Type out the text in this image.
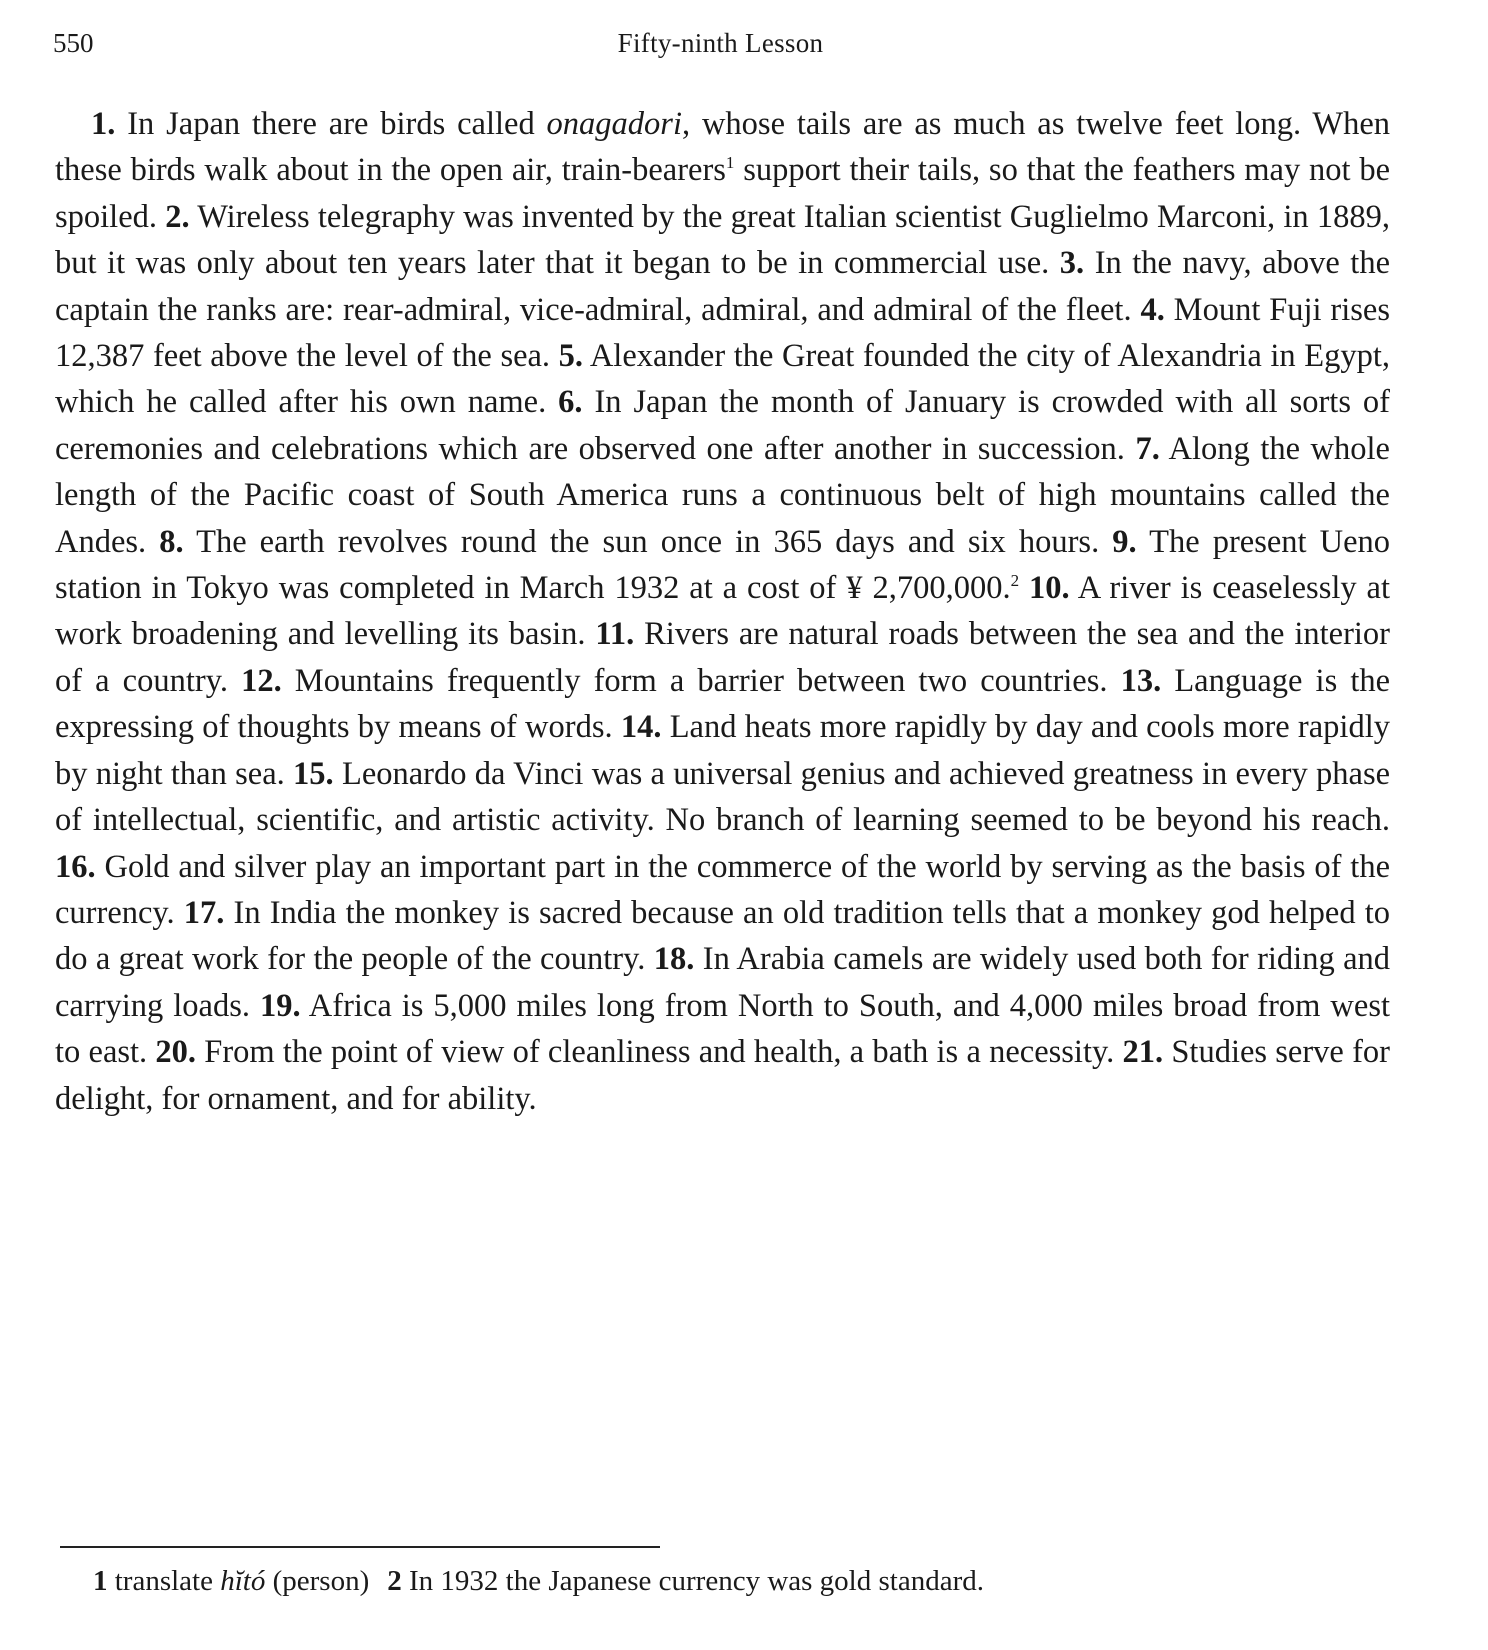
550	Fifty-ninth Lesson

1. In Japan there are birds called onagadori, whose tails are as much as twelve feet long. When these birds walk about in the open air, train-bearers$^1$ support their tails, so that the feathers may not be spoiled. 2. Wireless telegraphy was invented by the great Italian scientist Guglielmo Marconi, in 1889, but it was only about ten years later that it began to be in commercial use. 3. In the navy, above the captain the ranks are: rear-admiral, vice-admiral, admiral, and admiral of the fleet. 4. Mount Fuji rises 12,387 feet above the level of the sea. 5. Alexander the Great founded the city of Alexandria in Egypt, which he called after his own name. 6. In Japan the month of January is crowded with all sorts of ceremonies and celebrations which are observed one after another in succession. 7. Along the whole length of the Pacific coast of South America runs a continuous belt of high mountains called the Andes. 8. The earth revolves round the sun once in 365 days and six hours. 9. The present Ueno station in Tokyo was completed in March 1932 at a cost of ¥ 2,700,000.$^2$ 10. A river is ceaselessly at work broadening and levelling its basin. 11. Rivers are natural roads between the sea and the interior of a country. 12. Mountains frequently form a barrier between two countries. 13. Language is the expressing of thoughts by means of words. 14. Land heats more rapidly by day and cools more rapidly by night than sea. 15. Leonardo da Vinci was a universal genius and achieved greatness in every phase of intellectual, scientific, and artistic activity. No branch of learning seemed to be beyond his reach. 16. Gold and silver play an important part in the commerce of the world by serving as the basis of the currency. 17. In India the monkey is sacred because an old tradition tells that a monkey god helped to do a great work for the people of the country. 18. In Arabia camels are widely used both for riding and carrying loads. 19. Africa is 5,000 miles long from North to South, and 4,000 miles broad from west to east. 20. From the point of view of cleanliness and health, a bath is a necessity. 21. Studies serve for delight, for ornament, and for ability.

1 translate hĭtó (person) 2 In 1932 the Japanese currency was gold standard.
